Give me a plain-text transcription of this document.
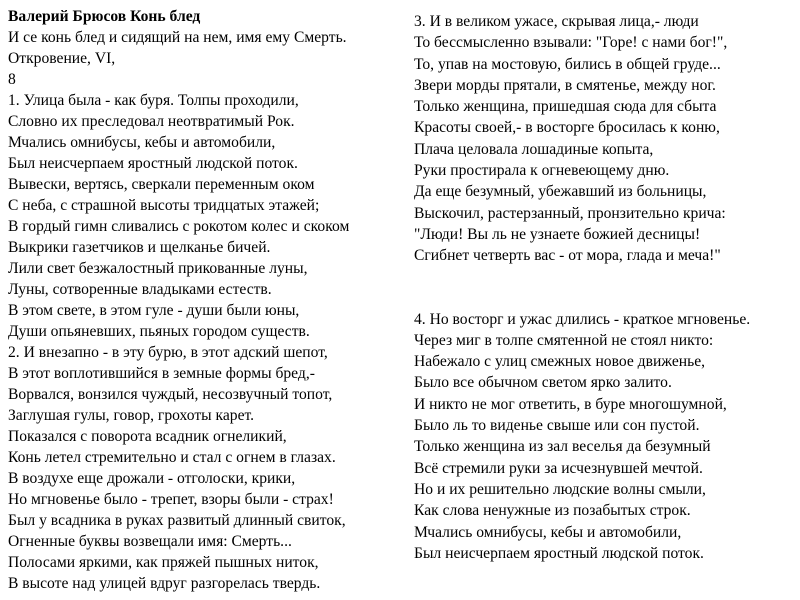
Валерий Брюсов Конь блед
И се конь блед и сидящий на нем, имя ему Смерть.
Откровение, VI,
8
1. Улица была - как буря. Толпы проходили,
Словно их преследовал неотвратимый Рок.
Мчались омнибусы, кебы и автомобили,
Был неисчерпаем яростный людской поток.
Вывески, вертясь, сверкали переменным оком
С неба, с страшной высоты тридцатых этажей;
В гордый гимн сливались с рокотом колес и скоком
Выкрики газетчиков и щелканье бичей.
Лили свет безжалостный прикованные луны,
Луны, сотворенные владыками естеств.
В этом свете, в этом гуле - души были юны,
Души опьяневших, пьяных городом существ.
2. И внезапно - в эту бурю, в этот адский шепот,
В этот воплотившийся в земные формы бред,-
Ворвался, вонзился чуждый, несозвучный топот,
Заглушая гулы, говор, грохоты карет.
Показался с поворота всадник огнеликий,
Конь летел стремительно и стал с огнем в глазах.
В воздухе еще дрожали - отголоски, крики,
Но мгновенье было - трепет, взоры были - страх!
Был у всадника в руках развитый длинный свиток,
Огненные буквы возвещали имя: Смерть...
Полосами яркими, как пряжей пышных ниток,
В высоте над улицей вдруг разгорелась твердь.
3. И в великом ужасе, скрывая лица,- люди
То бессмысленно взывали: "Горе! с нами бог!",
То, упав на мостовую, бились в общей груде...
Звери морды прятали, в смятенье, между ног.
Только женщина, пришедшая сюда для сбыта
Красоты своей,- в восторге бросилась к коню,
Плача целовала лошадиные копыта,
Руки простирала к огневеющему дню.
Да еще безумный, убежавший из больницы,
Выскочил, растерзанный, пронзительно крича:
"Люди! Вы ль не узнаете божией десницы!
Сгибнет четверть вас - от мора, глада и меча!"
4. Но восторг и ужас длились - краткое мгновенье.
Через миг в толпе смятенной не стоял никто:
Набежало с улиц смежных новое движенье,
Было все обычном светом ярко залито.
И никто не мог ответить, в буре многошумной,
Было ль то виденье свыше или сон пустой.
Только женщина из зал веселья да безумный
Всё стремили руки за исчезнувшей мечтой.
Но и их решительно людские волны смыли,
Как слова ненужные из позабытых строк.
Мчались омнибусы, кебы и автомобили,
Был неисчерпаем яростный людской поток.
